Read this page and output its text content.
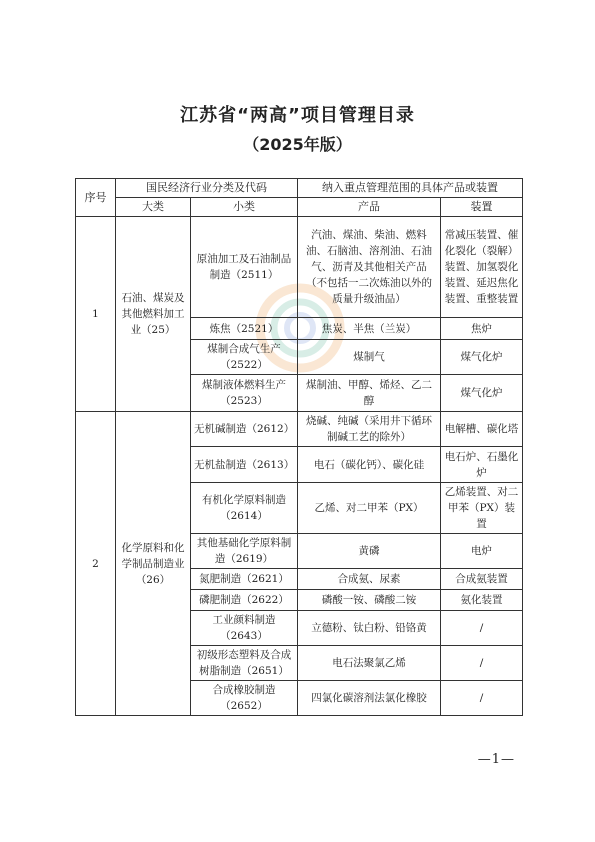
江苏省“两高”项目管理目录
（2025年版）
序号	国民经济行业分类及代码		纳入重点管理范围的具体产品或装置	
	大类	小类	产品	装置
1	石油、煤炭及其他燃料加工业（25）	原油加工及石油制品制造（2511）	汽油、煤油、柴油、燃料油、石脑油、溶剂油、石油气、沥青及其他相关产品（不包括一二次炼油以外的质量升级油品）	常减压装置、催化裂化（裂解）装置、加氢裂化装置、延迟焦化装置、重整装置
		炼焦（2521）	焦炭、半焦（兰炭）	焦炉
		煤制合成气生产（2522）	煤制气	煤气化炉
		煤制液体燃料生产（2523）	煤制油、甲醇、烯烃、乙二醇	煤气化炉
2	化学原料和化学制品制造业（26）	无机碱制造（2612）	烧碱、纯碱（采用井下循环制碱工艺的除外）	电解槽、碳化塔
		无机盐制造（2613）	电石（碳化钙）、碳化硅	电石炉、石墨化炉
		有机化学原料制造（2614）	乙烯、对二甲苯（PX）	乙烯装置、对二甲苯（PX）装置
		其他基础化学原料制造（2619）	黄磷	电炉
		氮肥制造（2621）	合成氨、尿素	合成氨装置
		磷肥制造（2622）	磷酸一铵、磷酸二铵	氨化装置
		工业颜料制造（2643）	立德粉、钛白粉、铅铬黄	/
		初级形态塑料及合成树脂制造（2651）	电石法聚氯乙烯	/
		合成橡胶制造（2652）	四氯化碳溶剂法氯化橡胶	/
—1—
